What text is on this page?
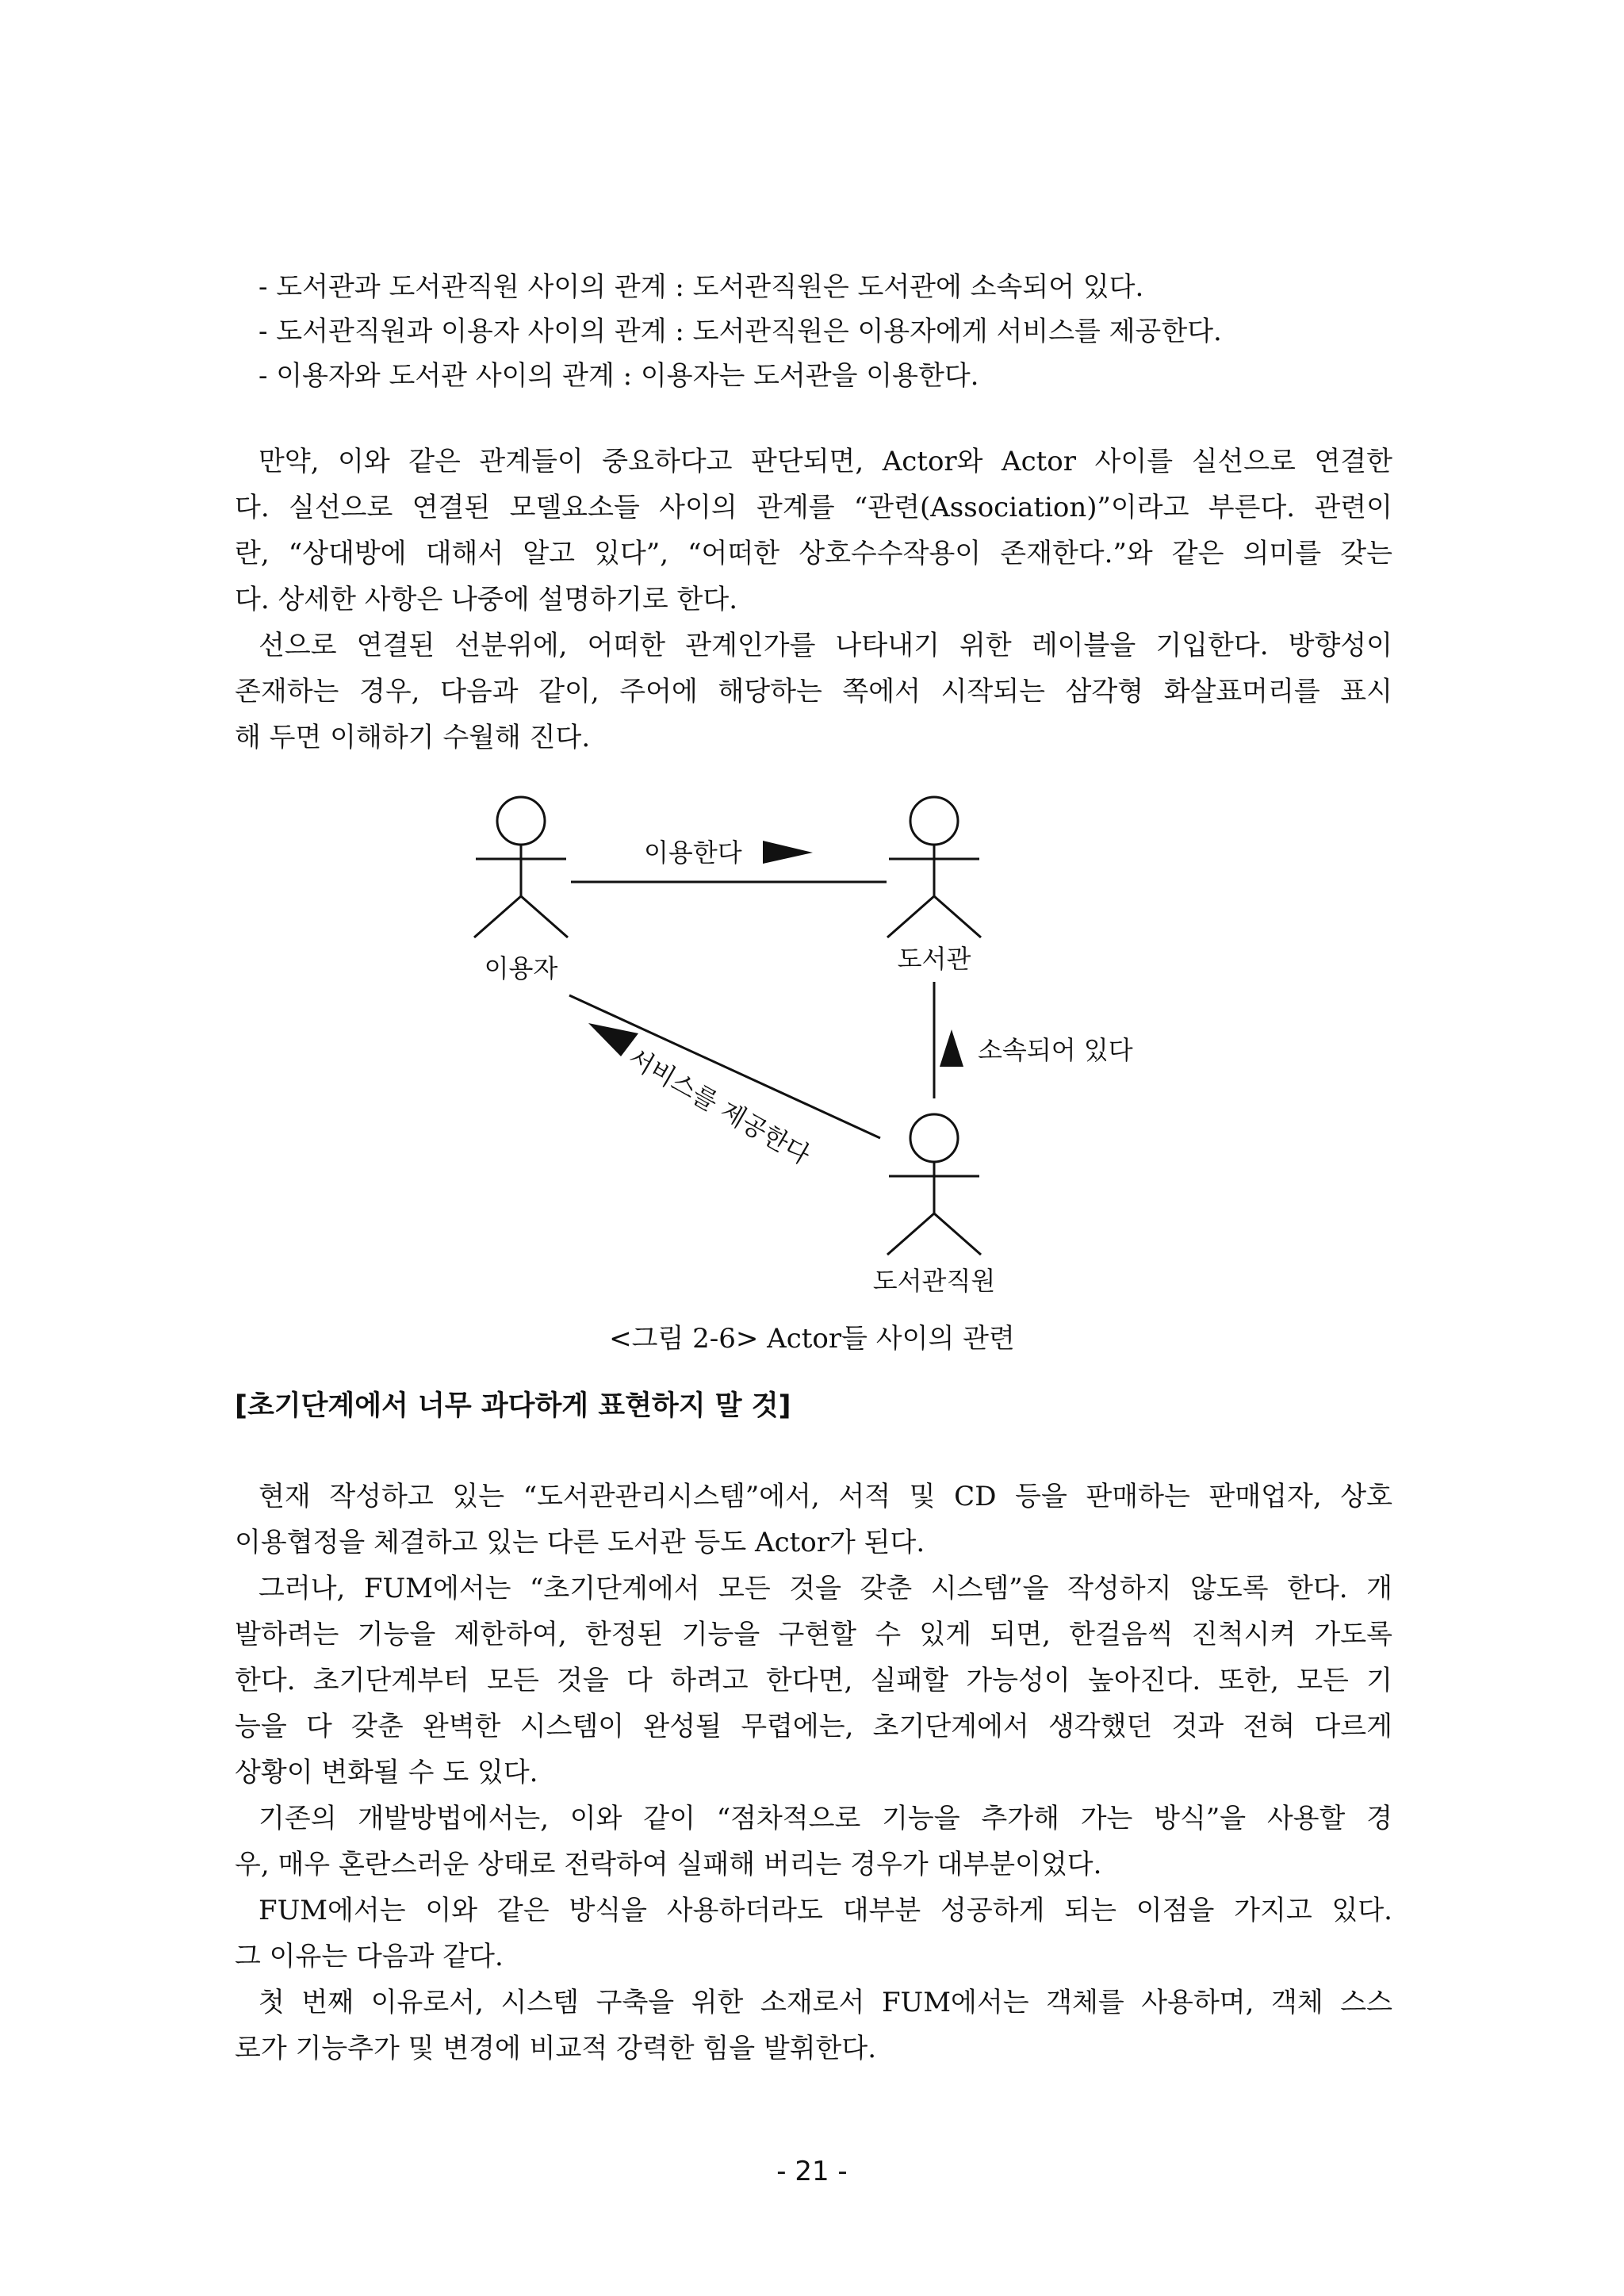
- 도서관과 도서관직원 사이의 관계 : 도서관직원은 도서관에 소속되어 있다.
- 도서관직원과 이용자 사이의 관계 : 도서관직원은 이용자에게 서비스를 제공한다.
- 이용자와 도서관 사이의 관계 : 이용자는 도서관을 이용한다.
만약, 이와 같은 관계들이 중요하다고 판단되면, Actor와 Actor 사이를 실선으로 연결한
다. 실선으로 연결된 모델요소들 사이의 관계를 “관련(Association)”이라고 부른다. 관련이
란, “상대방에 대해서 알고 있다”, “어떠한 상호수수작용이 존재한다.”와 같은 의미를 갖는
다. 상세한 사항은 나중에 설명하기로 한다.
선으로 연결된 선분위에, 어떠한 관계인가를 나타내기 위한 레이블을 기입한다. 방향성이
존재하는 경우, 다음과 같이, 주어에 해당하는 쪽에서 시작되는 삼각형 화살표머리를 표시
해 두면 이해하기 수월해 진다.
이용자	도서관
도서관직원
이용한다
소속되어 있다
서비스를 제공한다
<그림 2-6> Actor들 사이의 관련
[초기단계에서 너무 과다하게 표현하지 말 것]
현재 작성하고 있는 “도서관관리시스템”에서, 서적 및 CD 등을 판매하는 판매업자, 상호
이용협정을 체결하고 있는 다른 도서관 등도 Actor가 된다.
그러나, FUM에서는 “초기단계에서 모든 것을 갖춘 시스템”을 작성하지 않도록 한다. 개
발하려는 기능을 제한하여, 한정된 기능을 구현할 수 있게 되면, 한걸음씩 진척시켜 가도록
한다. 초기단계부터 모든 것을 다 하려고 한다면, 실패할 가능성이 높아진다. 또한, 모든 기
능을 다 갖춘 완벽한 시스템이 완성될 무렵에는, 초기단계에서 생각했던 것과 전혀 다르게
상황이 변화될 수 도 있다.
기존의 개발방법에서는, 이와 같이 “점차적으로 기능을 추가해 가는 방식”을 사용할 경
우, 매우 혼란스러운 상태로 전락하여 실패해 버리는 경우가 대부분이었다.
FUM에서는 이와 같은 방식을 사용하더라도 대부분 성공하게 되는 이점을 가지고 있다.
그 이유는 다음과 같다.
첫 번째 이유로서, 시스템 구축을 위한 소재로서 FUM에서는 객체를 사용하며, 객체 스스
로가 기능추가 및 변경에 비교적 강력한 힘을 발휘한다.
- 21 -
